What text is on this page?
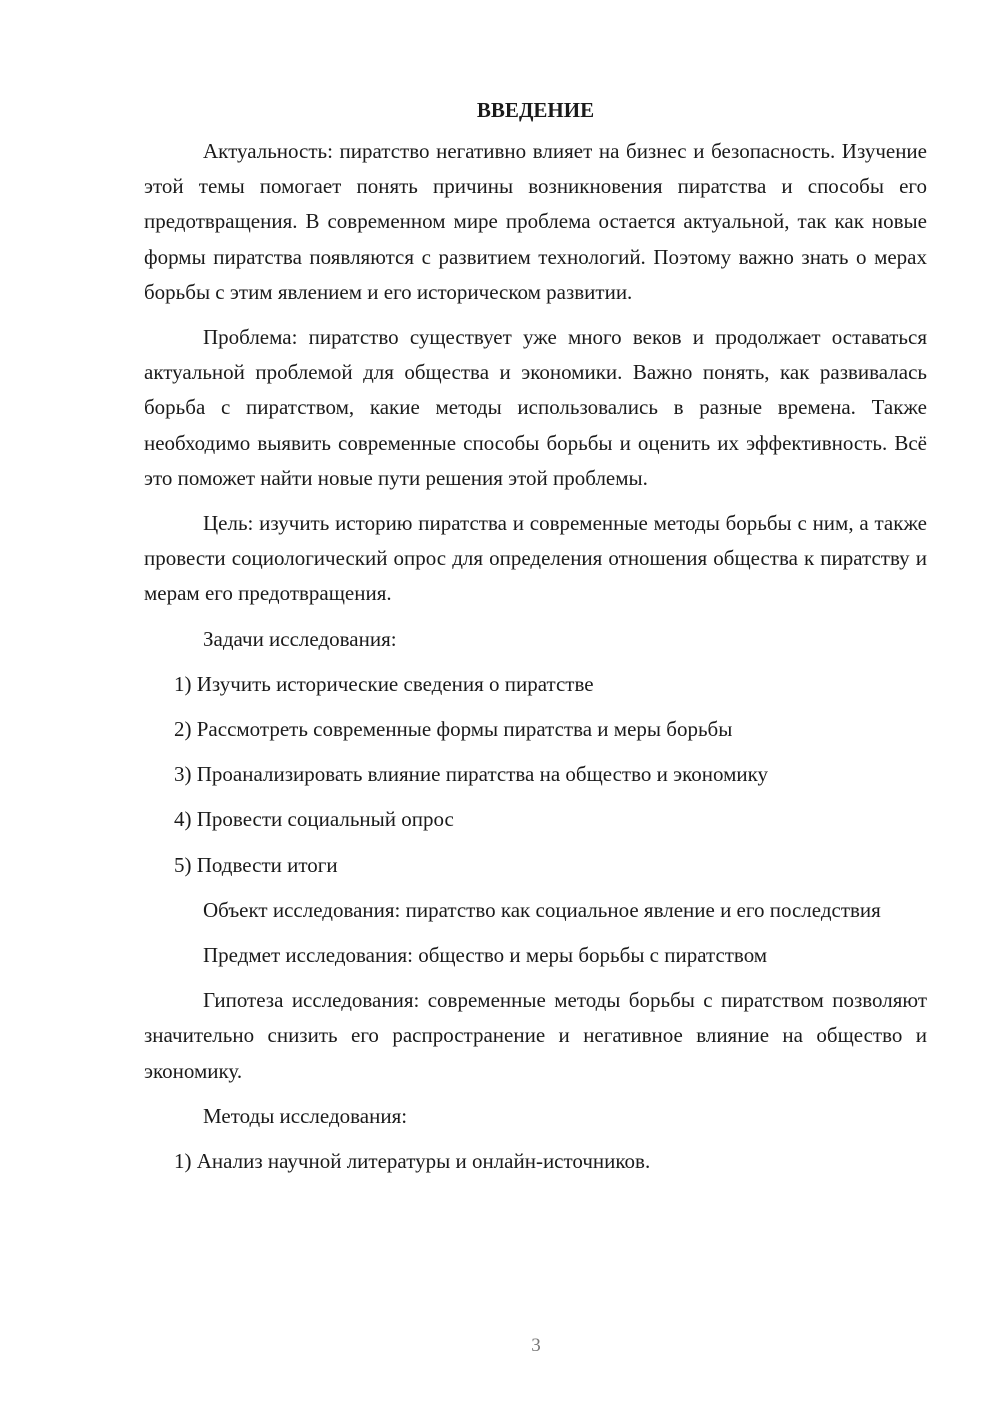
ВВЕДЕНИЕ

Актуальность: пиратство негативно влияет на бизнес и безопасность. Изучение этой темы помогает понять причины возникновения пиратства и способы его предотвращения. В современном мире проблема остается актуальной, так как новые формы пиратства появляются с развитием технологий. Поэтому важно знать о мерах борьбы с этим явлением и его историческом развитии.

Проблема: пиратство существует уже много веков и продолжает оставаться актуальной проблемой для общества и экономики. Важно понять, как развивалась борьба с пиратством, какие методы использовались в разные времена. Также необходимо выявить современные способы борьбы и оценить их эффективность. Всё это поможет найти новые пути решения этой проблемы.

Цель: изучить историю пиратства и современные методы борьбы с ним, а также провести социологический опрос для определения отношения общества к пиратству и мерам его предотвращения.

Задачи исследования:

1) Изучить исторические сведения о пиратстве

2) Рассмотреть современные формы пиратства и меры борьбы

3) Проанализировать влияние пиратства на общество и экономику

4) Провести социальный опрос

5) Подвести итоги

Объект исследования: пиратство как социальное явление и его последствия

Предмет исследования: общество и меры борьбы с пиратством

Гипотеза исследования: современные методы борьбы с пиратством позволяют значительно снизить его распространение и негативное влияние на общество и экономику.

Методы исследования:

1) Анализ научной литературы и онлайн-источников.

3
